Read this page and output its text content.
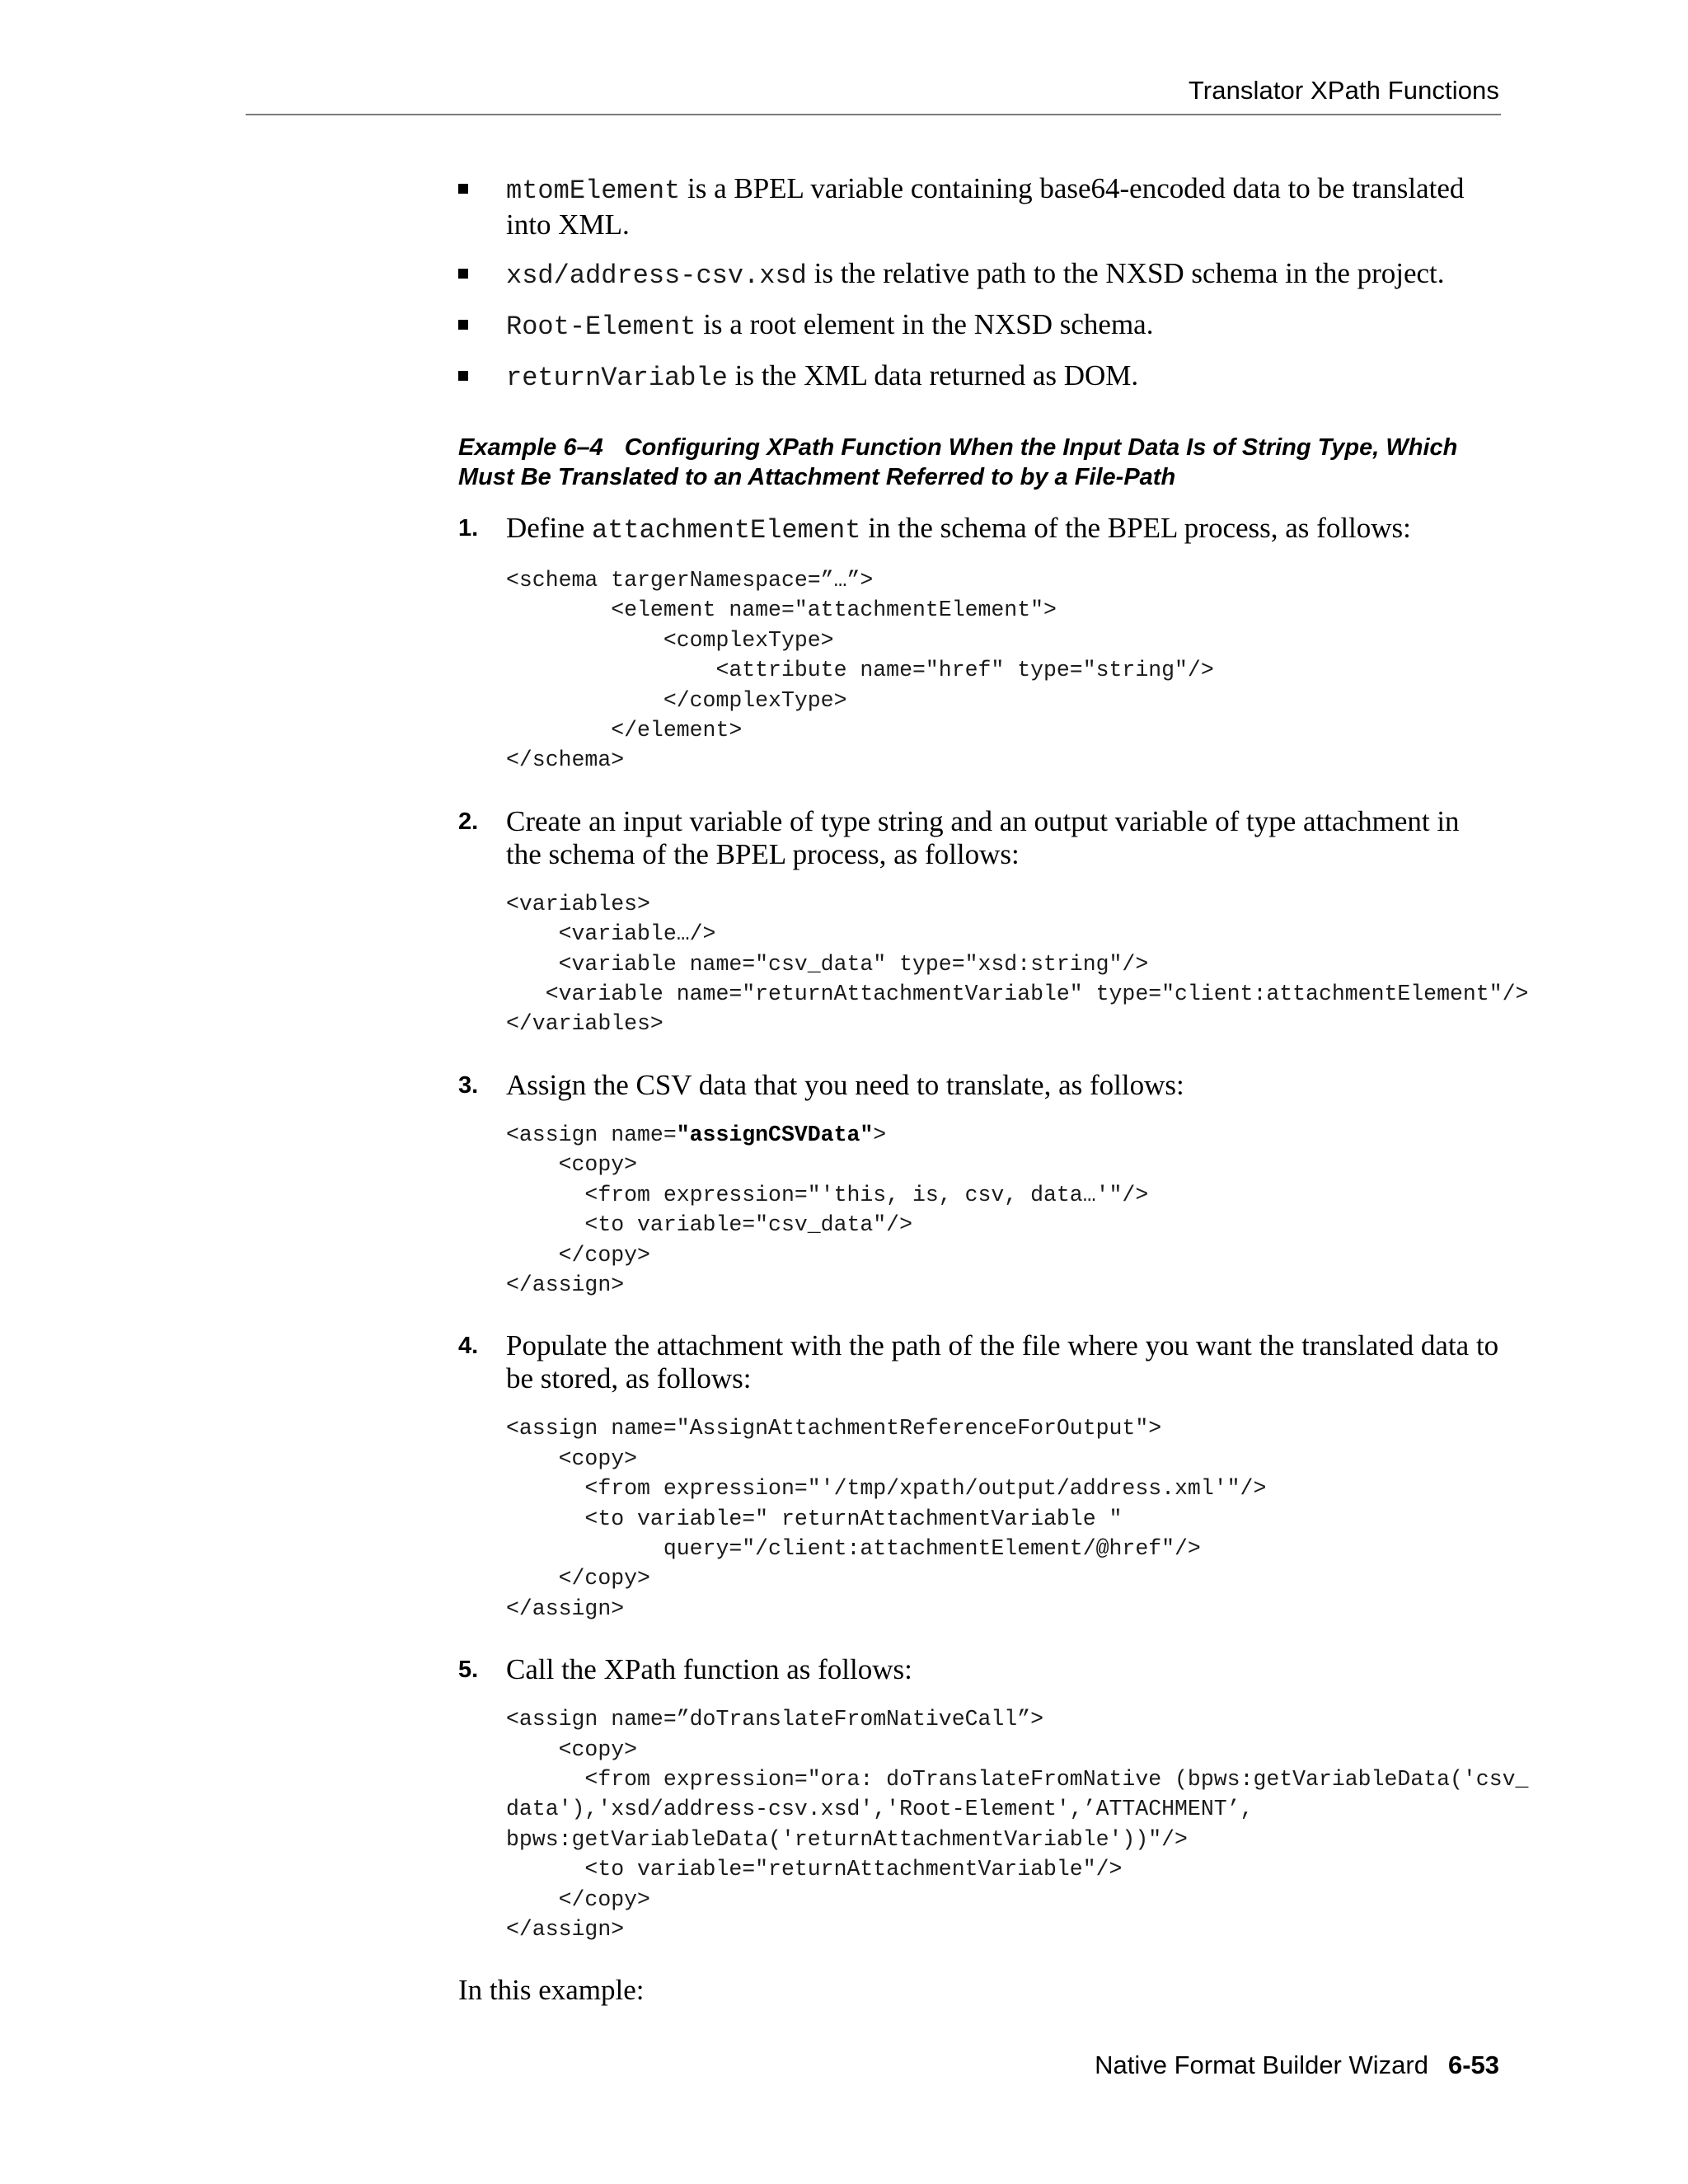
Translator XPath Functions
mtomElement is a BPEL variable containing base64-encoded data to be translated into XML.
xsd/address-csv.xsd is the relative path to the NXSD schema in the project.
Root-Element is a root element in the NXSD schema.
returnVariable is the XML data returned as DOM.
Example 6–4 Configuring XPath Function When the Input Data Is of String Type, Which Must Be Translated to an Attachment Referred to by a File-Path
1. Define attachmentElement in the schema of the BPEL process, as follows:
<schema targerNamespace=”…”>
<element name="attachmentElement">
<complexType>
<attribute name="href" type="string"/>
</complexType>
</element>
</schema>
2. Create an input variable of type string and an output variable of type attachment in the schema of the BPEL process, as follows:
<variables>
<variable…/>
<variable name="csv_data" type="xsd:string"/>
<variable name="returnAttachmentVariable" type="client:attachmentElement"/>
</variables>
3. Assign the CSV data that you need to translate, as follows:
<assign name="assignCSVData">
<copy>
<from expression="'this, is, csv, data…'"/>
<to variable="csv_data"/>
</copy>
</assign>
4. Populate the attachment with the path of the file where you want the translated data to be stored, as follows:
<assign name="AssignAttachmentReferenceForOutput">
<copy>
<from expression="'/tmp/xpath/output/address.xml'"/>
<to variable=" returnAttachmentVariable "
query="/client:attachmentElement/@href"/>
</copy>
</assign>
5. Call the XPath function as follows:
<assign name=”doTranslateFromNativeCall”>
<copy>
<from expression="ora: doTranslateFromNative (bpws:getVariableData('csv_
data'),'xsd/address-csv.xsd','Root-Element',’ATTACHMENT’,
bpws:getVariableData('returnAttachmentVariable'))"/>
<to variable="returnAttachmentVariable"/>
</copy>
</assign>
In this example:
Native Format Builder Wizard 6-53
